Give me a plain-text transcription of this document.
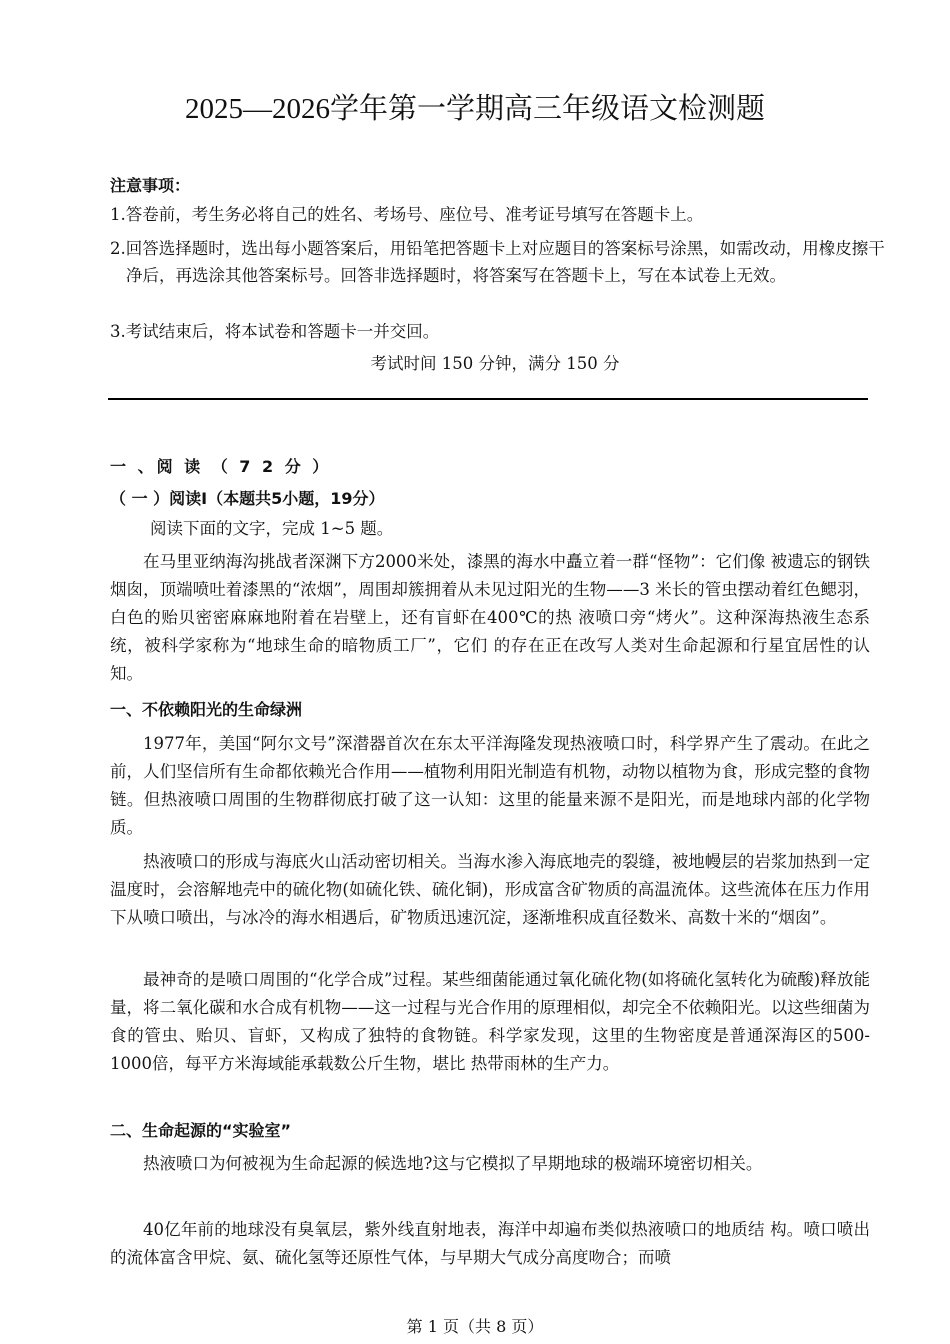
2025—2026学年第一学期高三年级语文检测题
注意事项：
1.答卷前，考生务必将自己的姓名、考场号、座位号、准考证号填写在答题卡上。
2.回答选择题时，选出每小题答案后，用铅笔把答题卡上对应题目的答案标号涂黑，如需改动，用橡皮擦干净后，再选涂其他答案标号。回答非选择题时，将答案写在答题卡上，写在本试卷上无效。
3.考试结束后，将本试卷和答题卡一并交回。
考试时间 150 分钟，满分 150 分
一 、阅 读 （ 7 2 分 ）
（ 一 ）阅读Ⅰ（本题共5小题，19分）
阅读下面的文字，完成 1~5 题。
在马里亚纳海沟挑战者深渊下方2000米处，漆黑的海水中矗立着一群“怪物”：它们像 被遗忘的钢铁烟囱，顶端喷吐着漆黑的“浓烟”，周围却簇拥着从未见过阳光的生物——3 米长的管虫摆动着红色鳃羽，白色的贻贝密密麻麻地附着在岩壁上，还有盲虾在400℃的热 液喷口旁“烤火”。这种深海热液生态系统，被科学家称为“地球生命的暗物质工厂”，它们 的存在正在改写人类对生命起源和行星宜居性的认知。
一、不依赖阳光的生命绿洲
1977年，美国“阿尔文号”深潜器首次在东太平洋海隆发现热液喷口时，科学界产生了震动。在此之前，人们坚信所有生命都依赖光合作用——植物利用阳光制造有机物，动物以植物为食，形成完整的食物链。但热液喷口周围的生物群彻底打破了这一认知：这里的能量来源不是阳光，而是地球内部的化学物质。
热液喷口的形成与海底火山活动密切相关。当海水渗入海底地壳的裂缝，被地幔层的岩浆加热到一定温度时，会溶解地壳中的硫化物(如硫化铁、硫化铜)，形成富含矿物质的高温流体。这些流体在压力作用下从喷口喷出，与冰冷的海水相遇后，矿物质迅速沉淀，逐渐堆积成直径数米、高数十米的“烟囱”。
最神奇的是喷口周围的“化学合成”过程。某些细菌能通过氧化硫化物(如将硫化氢转化为硫酸)释放能量，将二氧化碳和水合成有机物——这一过程与光合作用的原理相似，却完全不依赖阳光。以这些细菌为食的管虫、贻贝、盲虾，又构成了独特的食物链。科学家发现，这里的生物密度是普通深海区的500-1000倍，每平方米海域能承载数公斤生物，堪比 热带雨林的生产力。
二、生命起源的“实验室”
热液喷口为何被视为生命起源的候选地?这与它模拟了早期地球的极端环境密切相关。
40亿年前的地球没有臭氧层，紫外线直射地表，海洋中却遍布类似热液喷口的地质结 构。喷口喷出的流体富含甲烷、氨、硫化氢等还原性气体，与早期大气成分高度吻合；而喷
第 1 页（共 8 页）
